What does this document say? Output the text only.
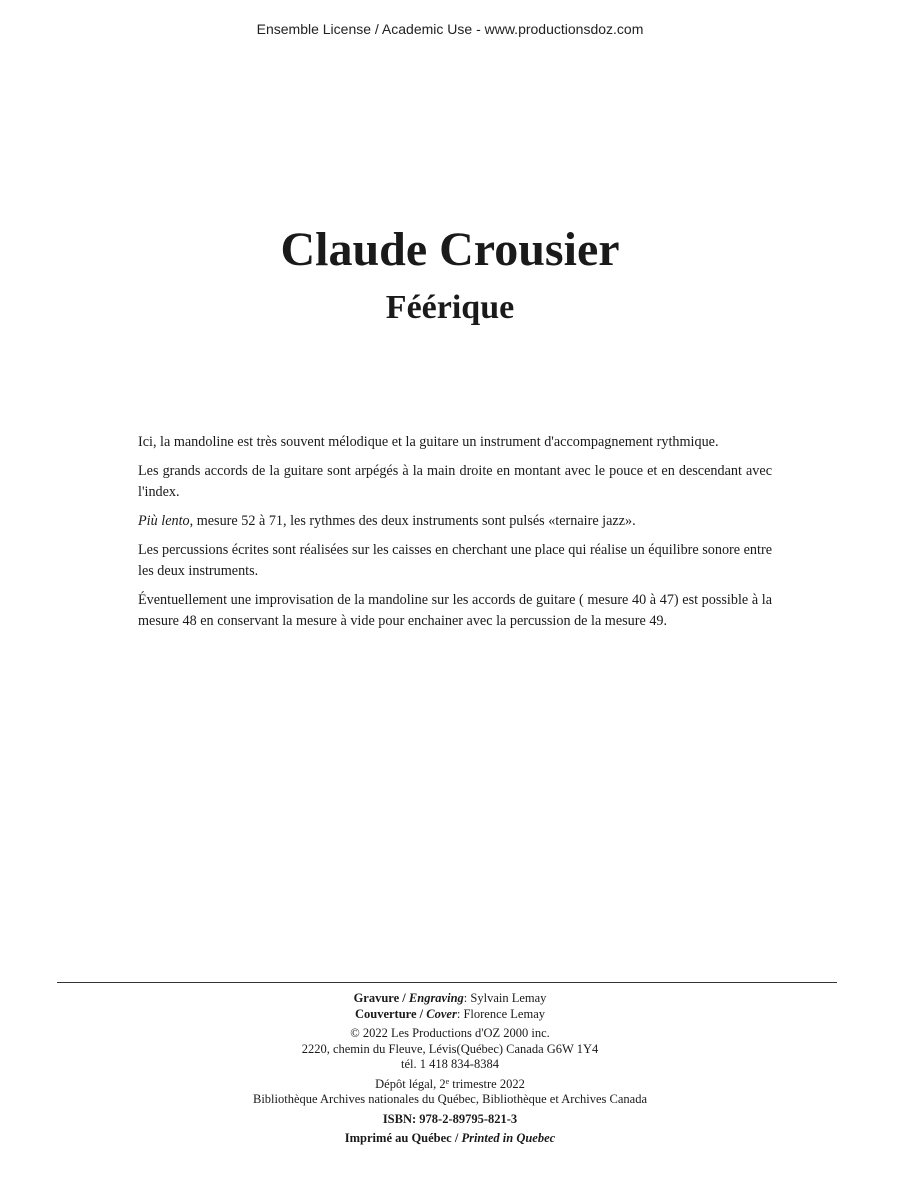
Ensemble License / Academic Use - www.productionsdoz.com
Claude Crousier
Féérique

Ici, la mandoline est très souvent mélodique et la guitare un instrument d'accompagnement rythmique.

Les grands accords de la guitare sont arpégés à la main droite en montant avec le pouce et en descendant avec l'index.

Più lento, mesure 52 à 71, les rythmes des deux instruments sont pulsés «ternaire jazz».

Les percussions écrites sont réalisées sur les caisses en cherchant une place qui réalise un équilibre sonore entre les deux instruments.

Éventuellement une improvisation de la mandoline sur les accords de guitare ( mesure 40 à 47) est possible à la mesure 48 en conservant la mesure à vide pour enchainer avec la percussion de la mesure 49.

Gravure / Engraving: Sylvain Lemay
Couverture / Cover: Florence Lemay
© 2022 Les Productions d'OZ 2000 inc.
2220, chemin du Fleuve, Lévis(Québec) Canada G6W 1Y4
tél. 1 418 834-8384
Dépôt légal, 2e trimestre 2022
Bibliothèque Archives nationales du Québec, Bibliothèque et Archives Canada
ISBN: 978-2-89795-821-3
Imprimé au Québec / Printed in Quebec
